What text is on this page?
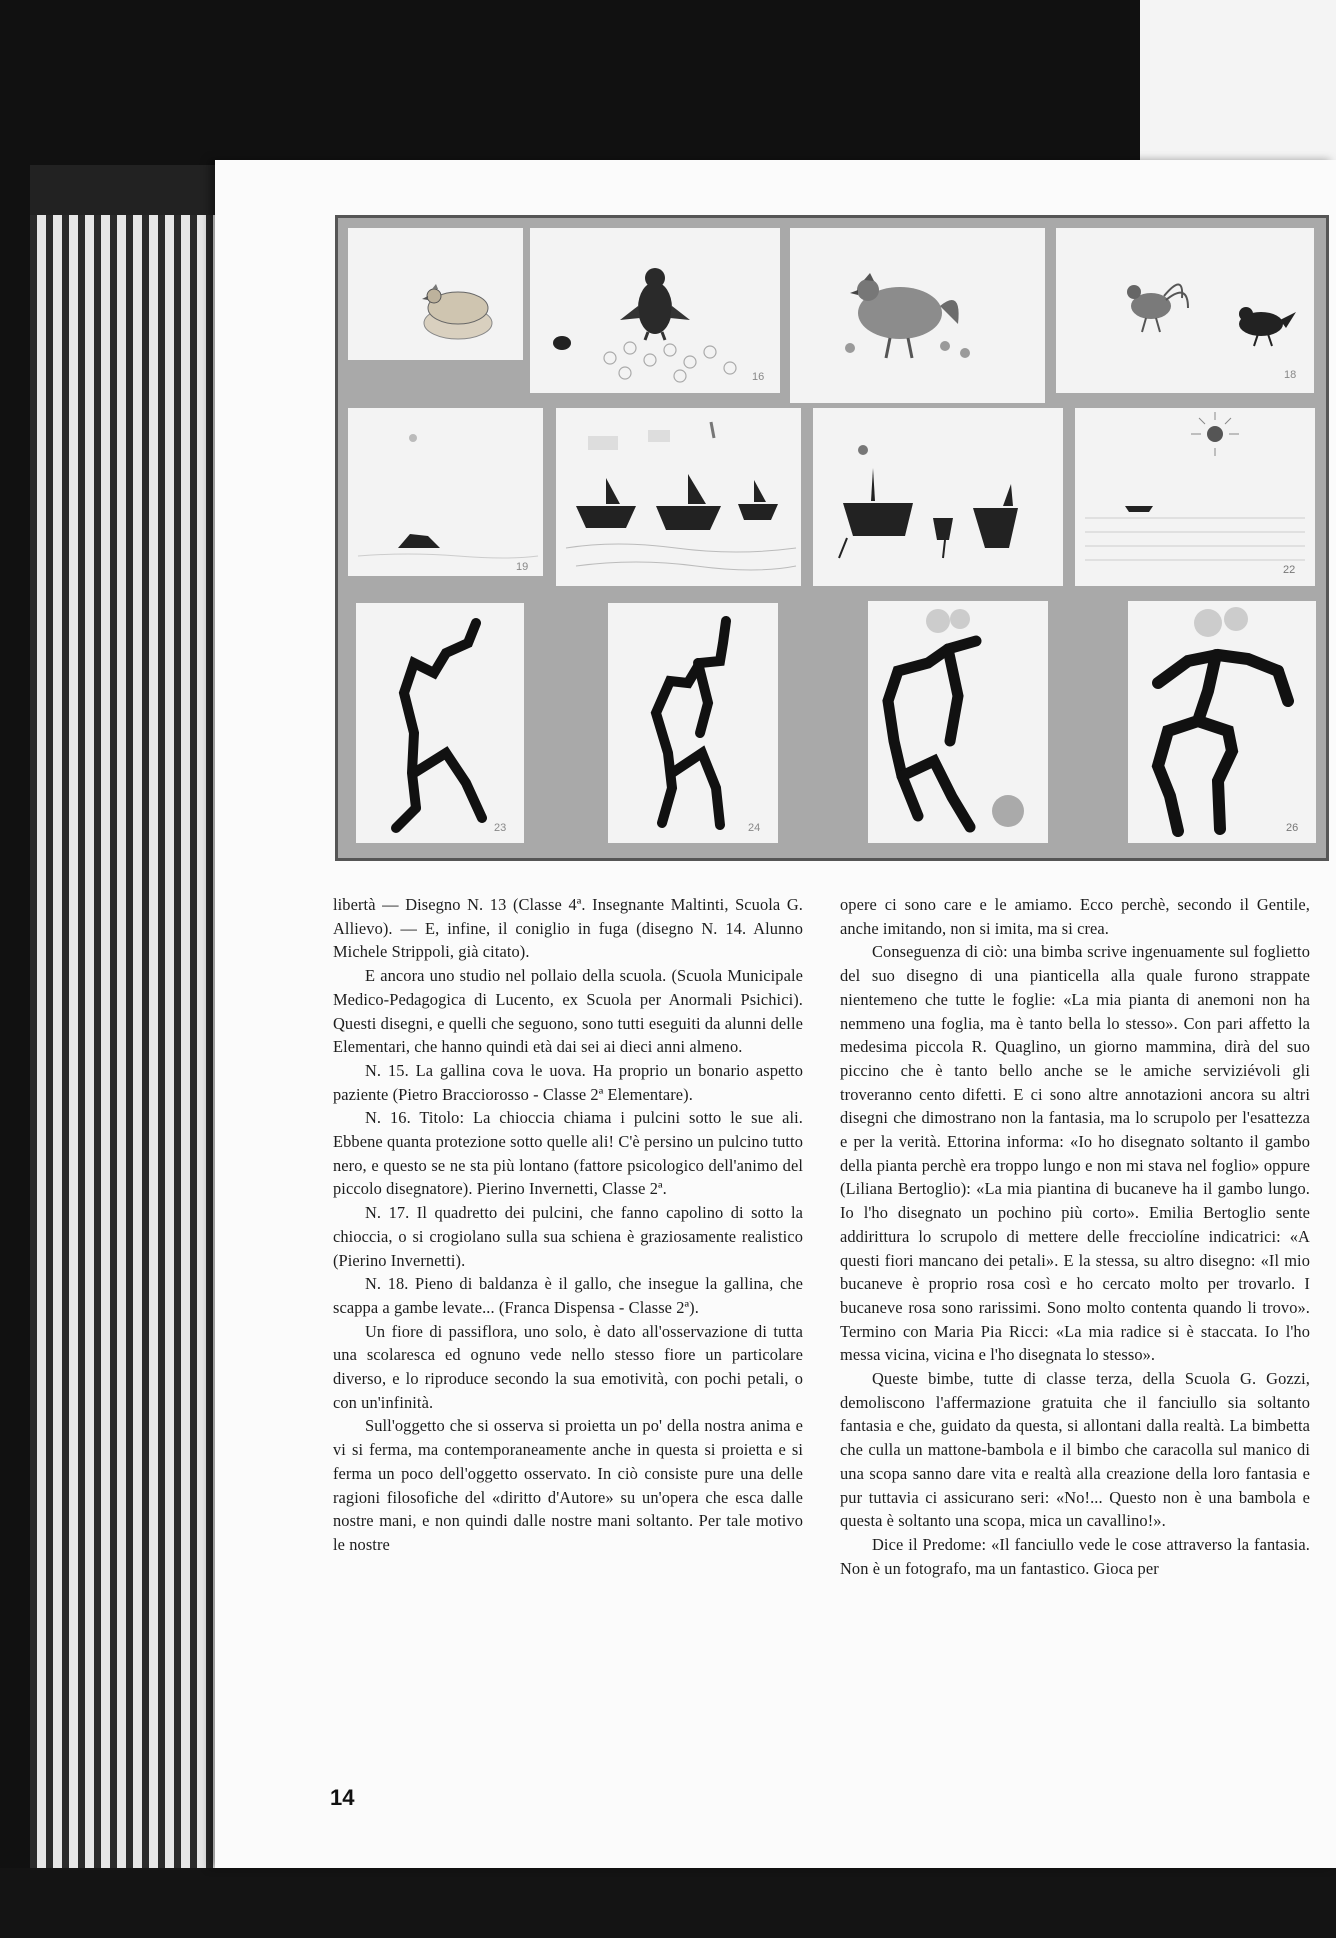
16	18
19	22
23	24	26

libertà — Disegno N. 13 (Classe 4ª. Insegnante Maltinti, Scuola G. Allievo). — E, infine, il coniglio in fuga (disegno N. 14. Alunno Michele Strippoli, già citato).

E ancora uno studio nel pollaio della scuola. (Scuola Municipale Medico-Pedagogica di Lucento, ex Scuola per Anormali Psichici). Questi disegni, e quelli che seguono, sono tutti eseguiti da alunni delle Elementari, che hanno quindi età dai sei ai dieci anni almeno.

N. 15. La gallina cova le uova. Ha proprio un bonario aspetto paziente (Pietro Bracciorosso - Classe 2ª Elementare).

N. 16. Titolo: La chioccia chiama i pulcini sotto le sue ali. Ebbene quanta protezione sotto quelle ali! C'è persino un pulcino tutto nero, e questo se ne sta più lontano (fattore psicologico dell'animo del piccolo disegnatore). Pierino Invernetti, Classe 2ª.

N. 17. Il quadretto dei pulcini, che fanno capolino di sotto la chioccia, o si crogiolano sulla sua schiena è graziosamente realistico (Pierino Invernetti).

N. 18. Pieno di baldanza è il gallo, che insegue la gallina, che scappa a gambe levate... (Franca Dispensa - Classe 2ª).

Un fiore di passiflora, uno solo, è dato all'osservazione di tutta una scolaresca ed ognuno vede nello stesso fiore un particolare diverso, e lo riproduce secondo la sua emotività, con pochi petali, o con un'infinità.

Sull'oggetto che si osserva si proietta un po' della nostra anima e vi si ferma, ma contemporaneamente anche in questa si proietta e si ferma un poco dell'oggetto osservato. In ciò consiste pure una delle ragioni filosofiche del «diritto d'Autore» su un'opera che esca dalle nostre mani, e non quindi dalle nostre mani soltanto. Per tale motivo le nostre

opere ci sono care e le amiamo. Ecco perchè, secondo il Gentile, anche imitando, non si imita, ma si crea.

Conseguenza di ciò: una bimba scrive ingenuamente sul foglietto del suo disegno di una pianticella alla quale furono strappate nientemeno che tutte le foglie: «La mia pianta di anemoni non ha nemmeno una foglia, ma è tanto bella lo stesso». Con pari affetto la medesima piccola R. Quaglino, un giorno mammina, dirà del suo piccino che è tanto bello anche se le amiche serviziévoli gli troveranno cento difetti. E ci sono altre annotazioni ancora su altri disegni che dimostrano non la fantasia, ma lo scrupolo per l'esattezza e per la verità. Ettorina informa: «Io ho disegnato soltanto il gambo della pianta perchè era troppo lungo e non mi stava nel foglio» oppure (Liliana Bertoglio): «La mia piantina di bucaneve ha il gambo lungo. Io l'ho disegnato un pochino più corto». Emilia Bertoglio sente addirittura lo scrupolo di mettere delle frecciolíne indicatrici: «A questi fiori mancano dei petali». E la stessa, su altro disegno: «Il mio bucaneve è proprio rosa così e ho cercato molto per trovarlo. I bucaneve rosa sono rarissimi. Sono molto contenta quando li trovo». Termino con Maria Pia Ricci: «La mia radice si è staccata. Io l'ho messa vicina, vicina e l'ho disegnata lo stesso».

Queste bimbe, tutte di classe terza, della Scuola G. Gozzi, demoliscono l'affermazione gratuita che il fanciullo sia soltanto fantasia e che, guidato da questa, si allontani dalla realtà. La bimbetta che culla un mattone-bambola e il bimbo che caracolla sul manico di una scopa sanno dare vita e realtà alla creazione della loro fantasia e pur tuttavia ci assicurano seri: «No!... Questo non è una bambola e questa è soltanto una scopa, mica un cavallino!».

Dice il Predome: «Il fanciullo vede le cose attraverso la fantasia. Non è un fotografo, ma un fantastico. Gioca per

14
